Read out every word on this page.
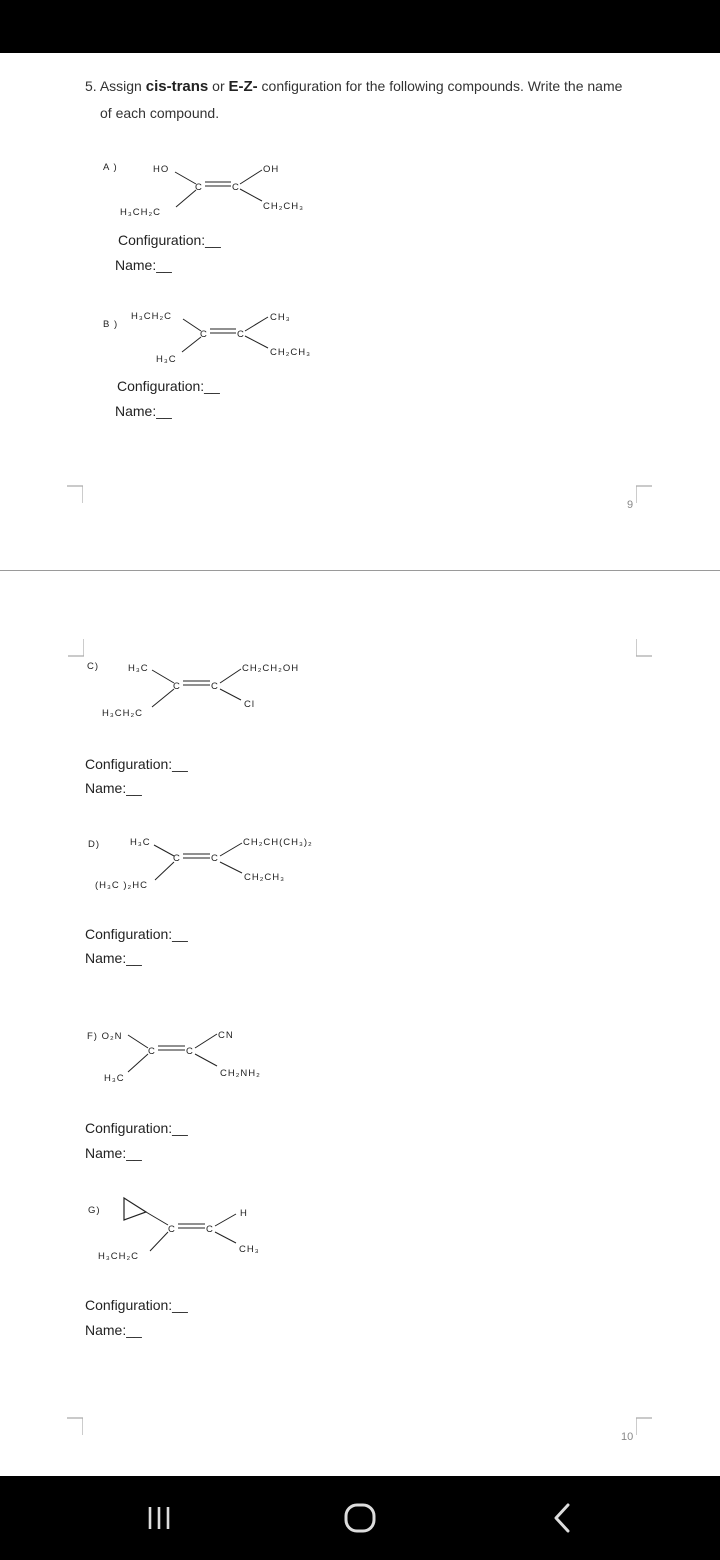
5. Assign cis-trans or E-Z- configuration for the following compounds. Write the name
of each compound.
A )	HO
H₃CH₂C
OH
CH₂CH₃
C	C
B )
H₃CH₂C
H₃C
CH₃
CH₂CH₃
C	C
Configuration:__
Name:__
Configuration:__
Name:__
9
C)	H₃C
H₃CH₂C
CH₂CH₂OH
Cl
C	C
D)	H₃C
(H₃C )₂HC
CH₂CH(CH₃)₂
CH₂CH₃
C	C
F) O₂N
H₃C
CN
CH₂NH₂
C	C
G)
H₃CH₂C
H
CH₃
C	C
Configuration:__
Name:__
Configuration:__
Name:__
Configuration:__
Name:__
Configuration:__
Name:__
10
